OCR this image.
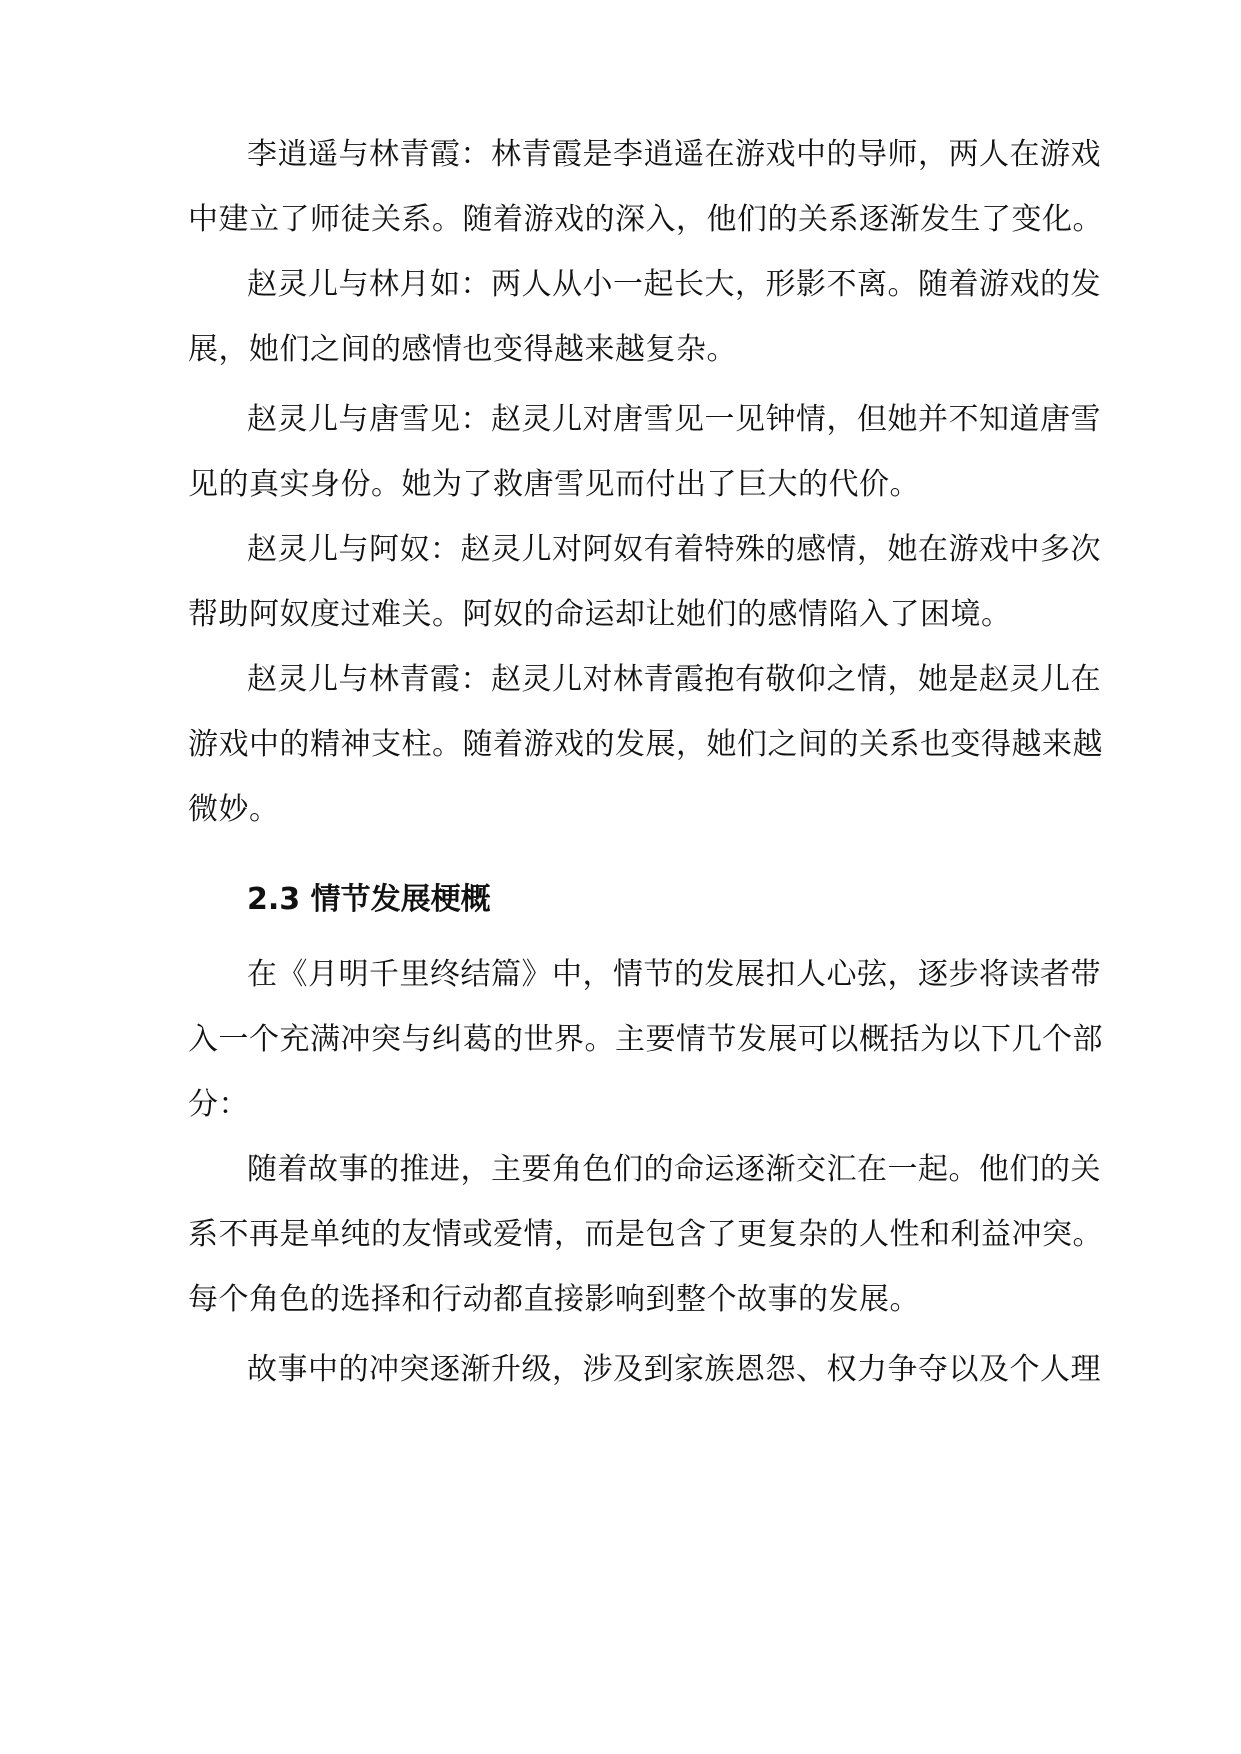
李逍遥与林青霞：林青霞是李逍遥在游戏中的导师，两人在游戏

中建立了师徒关系。随着游戏的深入，他们的关系逐渐发生了变化。

赵灵儿与林月如：两人从小一起长大，形影不离。随着游戏的发

展，她们之间的感情也变得越来越复杂。

赵灵儿与唐雪见：赵灵儿对唐雪见一见钟情，但她并不知道唐雪

见的真实身份。她为了救唐雪见而付出了巨大的代价。

赵灵儿与阿奴：赵灵儿对阿奴有着特殊的感情，她在游戏中多次

帮助阿奴度过难关。阿奴的命运却让她们的感情陷入了困境。

赵灵儿与林青霞：赵灵儿对林青霞抱有敬仰之情，她是赵灵儿在

游戏中的精神支柱。随着游戏的发展，她们之间的关系也变得越来越

微妙。

2.3 情节发展梗概

在《月明千里终结篇》中，情节的发展扣人心弦，逐步将读者带

入一个充满冲突与纠葛的世界。主要情节发展可以概括为以下几个部

分：

随着故事的推进，主要角色们的命运逐渐交汇在一起。他们的关

系不再是单纯的友情或爱情，而是包含了更复杂的人性和利益冲突。

每个角色的选择和行动都直接影响到整个故事的发展。

故事中的冲突逐渐升级，涉及到家族恩怨、权力争夺以及个人理
